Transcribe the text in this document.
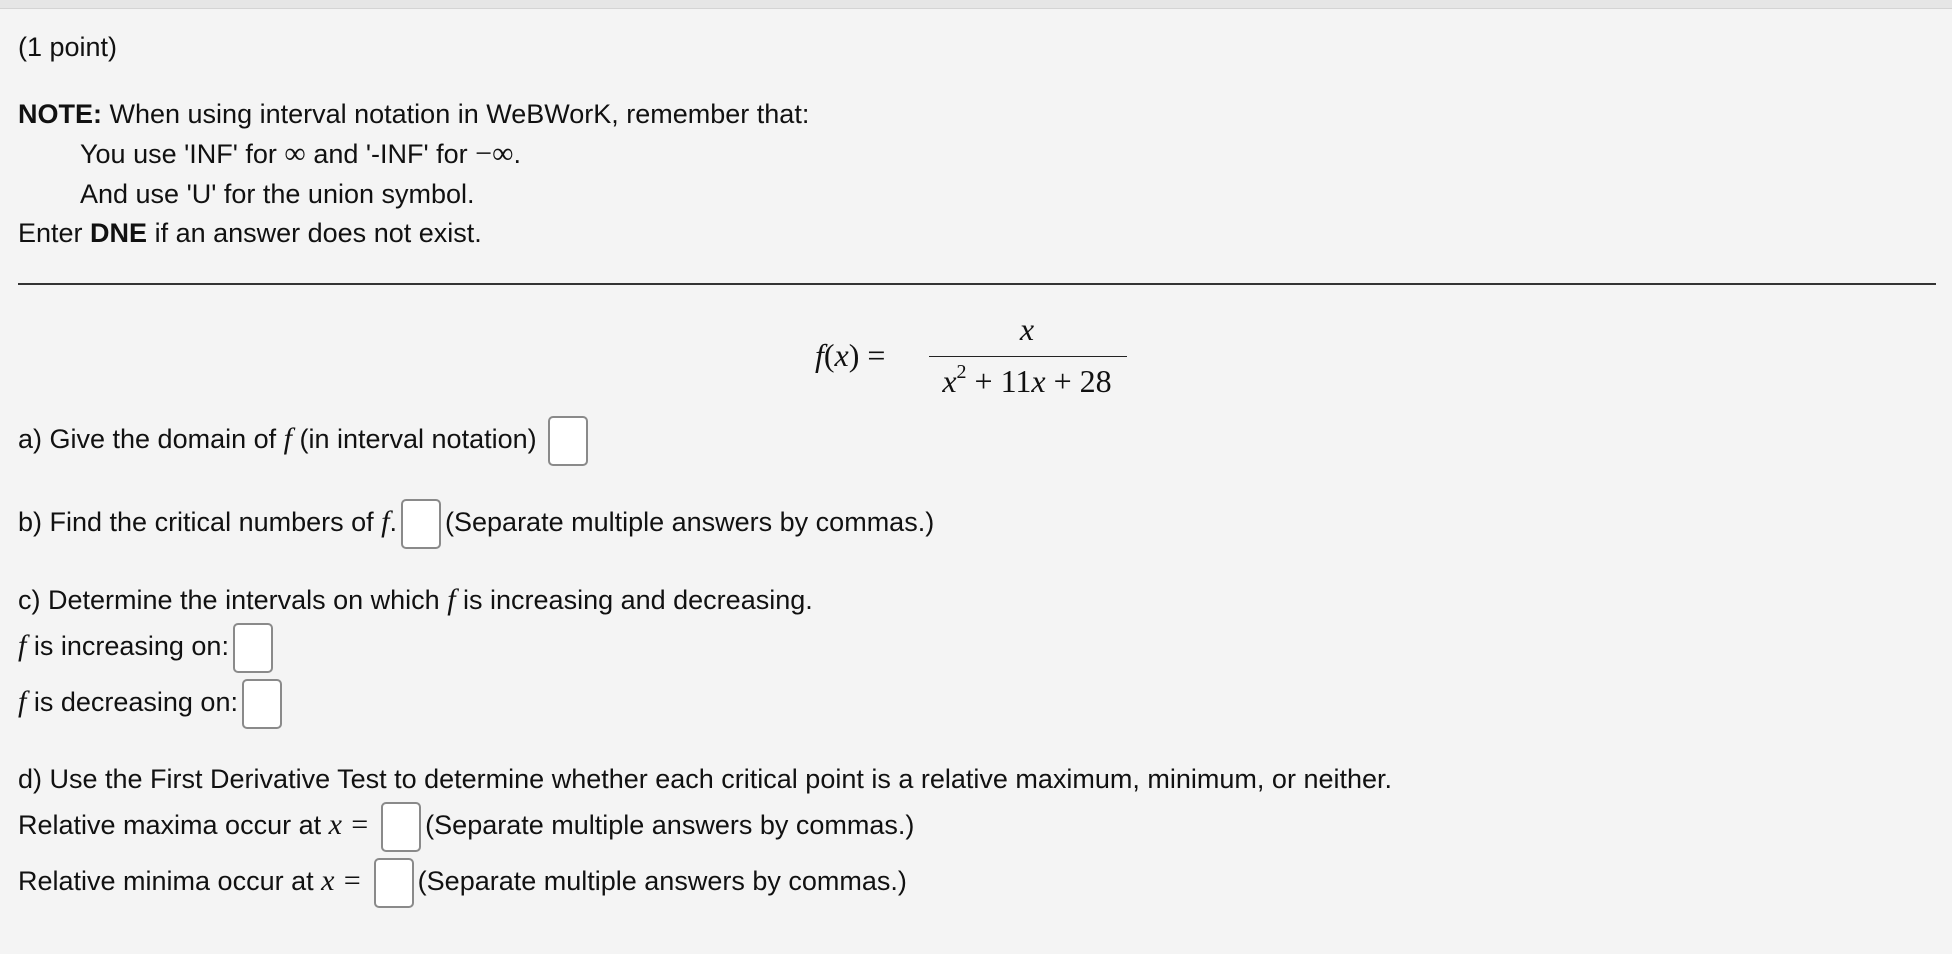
(1 point)
NOTE: When using interval notation in WeBWorK, remember that:
You use 'INF' for ∞ and '-INF' for −∞.
And use 'U' for the union symbol.
Enter DNE if an answer does not exist.
f(x) =
x
$x^2 + 11x + 28$
a) Give the domain of f (in interval notation)
b) Find the critical numbers of f. (Separate multiple answers by commas.)
c) Determine the intervals on which f is increasing and decreasing.
f is increasing on:
f is decreasing on:
d) Use the First Derivative Test to determine whether each critical point is a relative maximum, minimum, or neither.
Relative maxima occur at x = (Separate multiple answers by commas.)
Relative minima occur at x = (Separate multiple answers by commas.)
